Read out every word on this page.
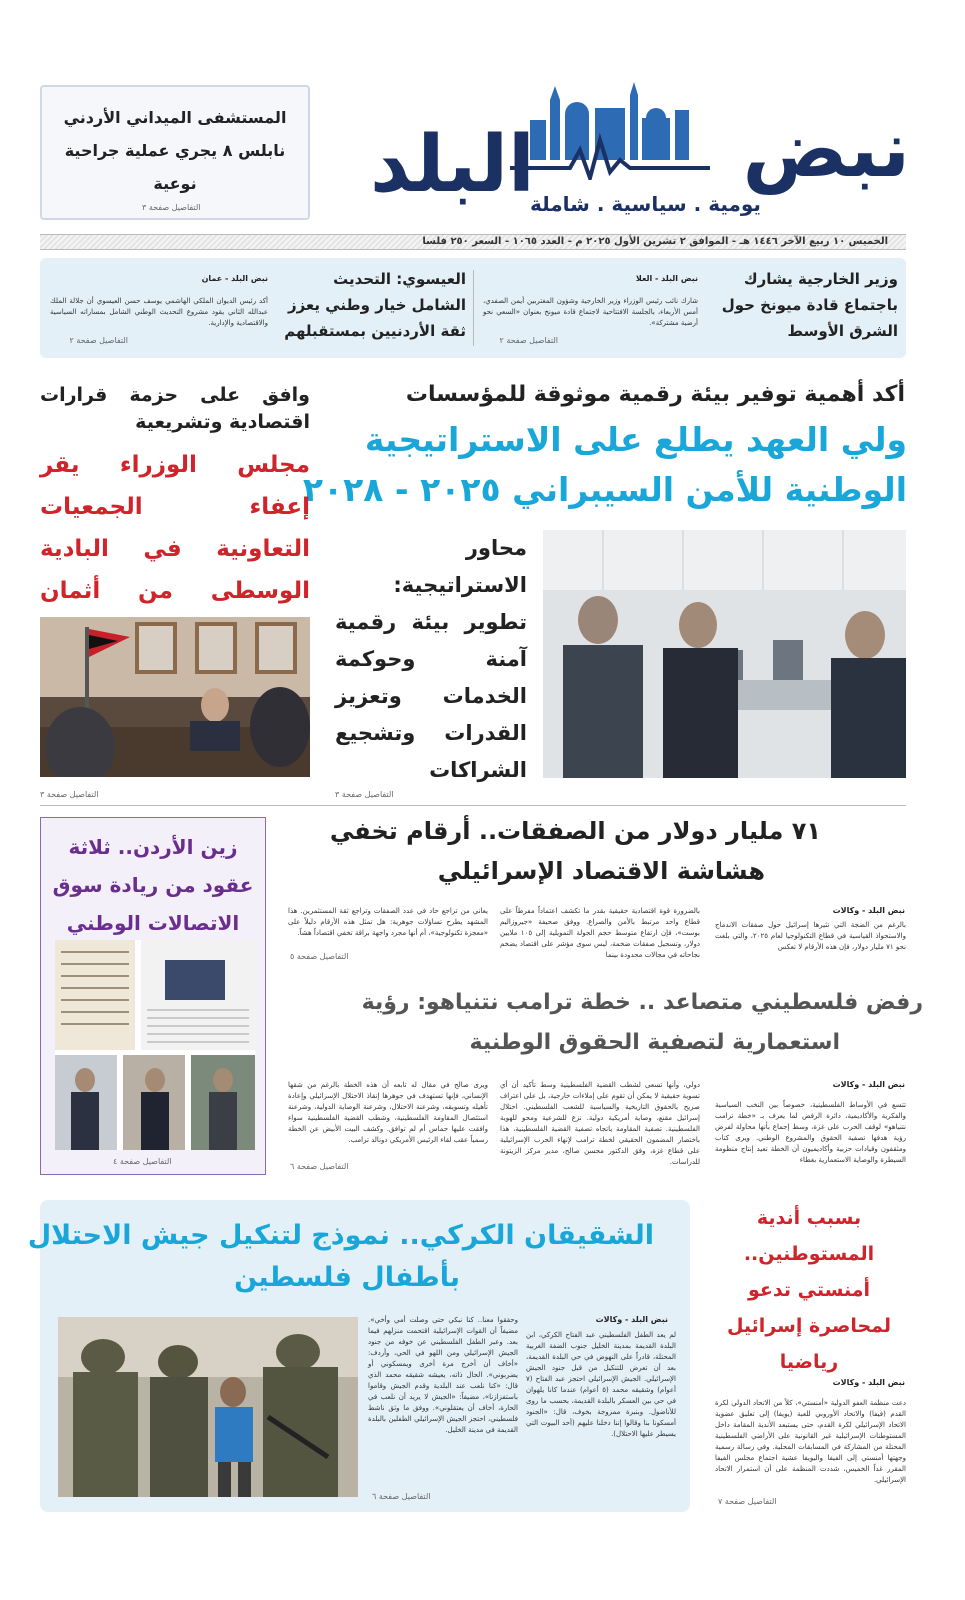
نبض
البلد
يومية . سياسية . شاملة
المستشفى الميداني الأردني نابلس ٨ يجري عملية جراحية نوعية
التفاصيل صفحة ٣
الخميس ١٠ ربيع الآخر ١٤٤٦ هـ - الموافق ٢ تشرين الأول ٢٠٢٥ م - العدد ١٠٦٥ - السعر ٢٥٠ فلسا
وزير الخارجية يشارك باجتماع قادة ميونخ حول الشرق الأوسط
نبض البلد - العلا
شارك نائب رئيس الوزراء وزير الخارجية وشؤون المغتربين أيمن الصفدي، أمس الأربعاء، بالجلسة الافتتاحية لاجتماع قادة ميونخ بعنوان «السعي نحو أرضية مشتركة».
التفاصيل صفحة ٢
العيسوي: التحديث الشامل خيار وطني يعزز ثقة الأردنيين بمستقبلهم
نبض البلد - عمان
أكد رئيس الديوان الملكي الهاشمي يوسف حسن العيسوي أن جلالة الملك عبدالله الثاني يقود مشروع التحديث الوطني الشامل بمساراته السياسية والاقتصادية والإدارية.
التفاصيل صفحة ٢
أكد أهمية توفير بيئة رقمية موثوقة للمؤسسات
ولي العهد يطلع على الاستراتيجية
الوطنية للأمن السيبراني ٢٠٢٥ - ٢٠٢٨
محاور الاستراتيجية: تطوير بيئة رقمية آمنة وحوكمة الخدمات وتعزيز القدرات وتشجيع الشراكات
التفاصيل صفحة ٣
وافق على حزمة قرارات اقتصادية وتشريعية
مجلس الوزراء يقر إعفاء الجمعيات التعاونية في البادية الوسطى من أثمان
التفاصيل صفحة ٣
زين الأردن.. ثلاثة عقود من ريادة سوق الاتصالات الوطني
التفاصيل صفحة ٤
٧١ مليار دولار من الصفقات.. أرقام تخفي
هشاشة الاقتصاد الإسرائيلي
نبض البلد - وكالات
بالرغم من الضجة التي تثيرها إسرائيل حول صفقات الاندماج والاستحواذ القياسية في قطاع التكنولوجيا لعام ٢٠٢٥، والتي بلغت نحو ٧١ مليار دولار، فإن هذه الأرقام لا تعكس
بالضرورة قوة اقتصادية حقيقية بقدر ما تكشف اعتماداً مفرطاً على قطاع واحد مرتبط بالأمن والصراع. ووفق صحيفة «جيروزاليم بوست»، فإن ارتفاع متوسط حجم الجولة التمويلية إلى ١٠٥ ملايين دولار، وتسجيل صفقات ضخمة، ليس سوى مؤشر على اقتصاد يضخم نجاحاته في مجالات محدودة بينما
يعاني من تراجع حاد في عدد الصفقات وتراجع ثقة المستثمرين. هذا المشهد يطرح تساؤلات جوهرية: هل تمثل هذه الأرقام دليلاً على «معجزة تكنولوجية»، أم أنها مجرد واجهة براقة تخفي اقتصاداً هشاً.
التفاصيل صفحة ٥
رفض فلسطيني متصاعد .. خطة ترامب نتنياهو: رؤية
استعمارية لتصفية الحقوق الوطنية
نبض البلد - وكالات
تتسع في الأوساط الفلسطينية، خصوصاً بين النخب السياسية والفكرية والأكاديمية، دائرة الرفض لما يعرف بـ «خطة ترامب نتنياهو» لوقف الحرب على غزة، وسط إجماع بأنها محاولة لفرض رؤية هدفها تصفية الحقوق والمشروع الوطني. ويرى كتاب ومثقفون وقيادات حزبية وأكاديميون أن الخطة تعيد إنتاج منظومة السيطرة والوصاية الاستعمارية بغطاء
دولي، وأنها تسعى لشطب القضية الفلسطينية وسط تأكيد أن أي تسوية حقيقية لا يمكن أن تقوم على إملاءات خارجية، بل على اعتراف صريح بالحقوق التاريخية والسياسية للشعب الفلسطيني. احتلال إسرائيل مقنع، وصاية أمريكية دولية. نزع للشرعية ومحو للهوية الفلسطينية. تصفية المقاومة باتجاه تصفية القضية الفلسطينية، هذا باختصار المضمون الحقيقي لخطة ترامب لإنهاء الحرب الإسرائيلية على قطاع غزة، وفق الدكتور محسن صالح، مدير مركز الزيتونة للدراسات.
ويرى صالح في مقال له تابعه أن هذه الخطة بالرغم من شقها الإنساني، فإنها تستهدف في جوهرها إنقاذ الاحتلال الإسرائيلي وإعادة تأهيله وتسويقه، وشرعنة الاحتلال، وشرعنة الوصاية الدولية، وشرعنة استئصال المقاومة الفلسطينية، وشطب القضية الفلسطينية سواء وافقت عليها حماس أم لم توافق. وكشف البيت الأبيض عن الخطة رسمياً عقب لقاء الرئيس الأمريكي دونالد ترامب.
التفاصيل صفحة ٦
الشقيقان الكركي.. نموذج لتنكيل جيش الاحتلال
بأطفال فلسطين
نبض البلد - وكالات
لم يعد الطفل الفلسطيني عبد الفتاح الكركي، ابن البلدة القديمة بمدينة الخليل جنوب الضفة الغربية المحتلة، قادراً على النهوض في حي البلدة القديمة، بعد أن تعرض للتنكيل من قبل جنود الجيش الإسرائيلي. الجيش الإسرائيلي احتجز عبد الفتاح (٧ أعوام) وشقيقه محمد (٥ أعوام) عندما كانا يلهوان في حي بين العسكر بالبلدة القديمة، بحسب ما روى للأناضول. وبنبرة ممزوجة بخوف، قال: «الجنود أمسكونا بنا وقالوا إننا دخلنا عليهم (أحد البيوت التي يسيطر عليها الاحتلال).
وحققوا معنا.. كنا نبكي حتى وصلت أمي وأخي». مضيفاً أن القوات الإسرائيلية اقتحمت منزلهم فيما بعد. وعبر الطفل الفلسطيني عن خوفه من جنود الجيش الإسرائيلي ومن اللهو في الحي، وأردف: «أخاف أن أخرج مرة أخرى ويمسكوني أو يضربوني». الحال ذاته، يعيشه شقيقه محمد الذي قال: «كنا نلعب عند البلدية وقدم الجيش وقاموا باستفزازنا»، مضيفاً: «الجيش لا يريد أن نلعب في الحارة، أخاف أن يعتقلوني». ووفق ما وثق ناشط فلسطيني، احتجز الجيش الإسرائيلي الطفلين بالبلدة القديمة في مدينة الخليل.
التفاصيل صفحة ٦
بسبب أندية المستوطنين.. أمنستي تدعو لمحاصرة إسرائيل رياضيا
نبض البلد - وكالات
دعت منظمة العفو الدولية «أمنستي»، كلاً من الاتحاد الدولي لكرة القدم (فيفا) والاتحاد الأوروبي للعبة (يويفا) إلى تعليق عضوية الاتحاد الإسرائيلي لكرة القدم، حتى يستبعد الأندية المقامة داخل المستوطنات الإسرائيلية غير القانونية على الأراضي الفلسطينية المحتلة من المشاركة في المسابقات المحلية. وفي رسالة رسمية وجهتها أمنستي إلى الفيفا واليويفا عشية اجتماع مجلس الفيفا المقرر غداً الخميس، شددت المنظمة على أن استمرار الاتحاد الإسرائيلي.
التفاصيل صفحة ٧
